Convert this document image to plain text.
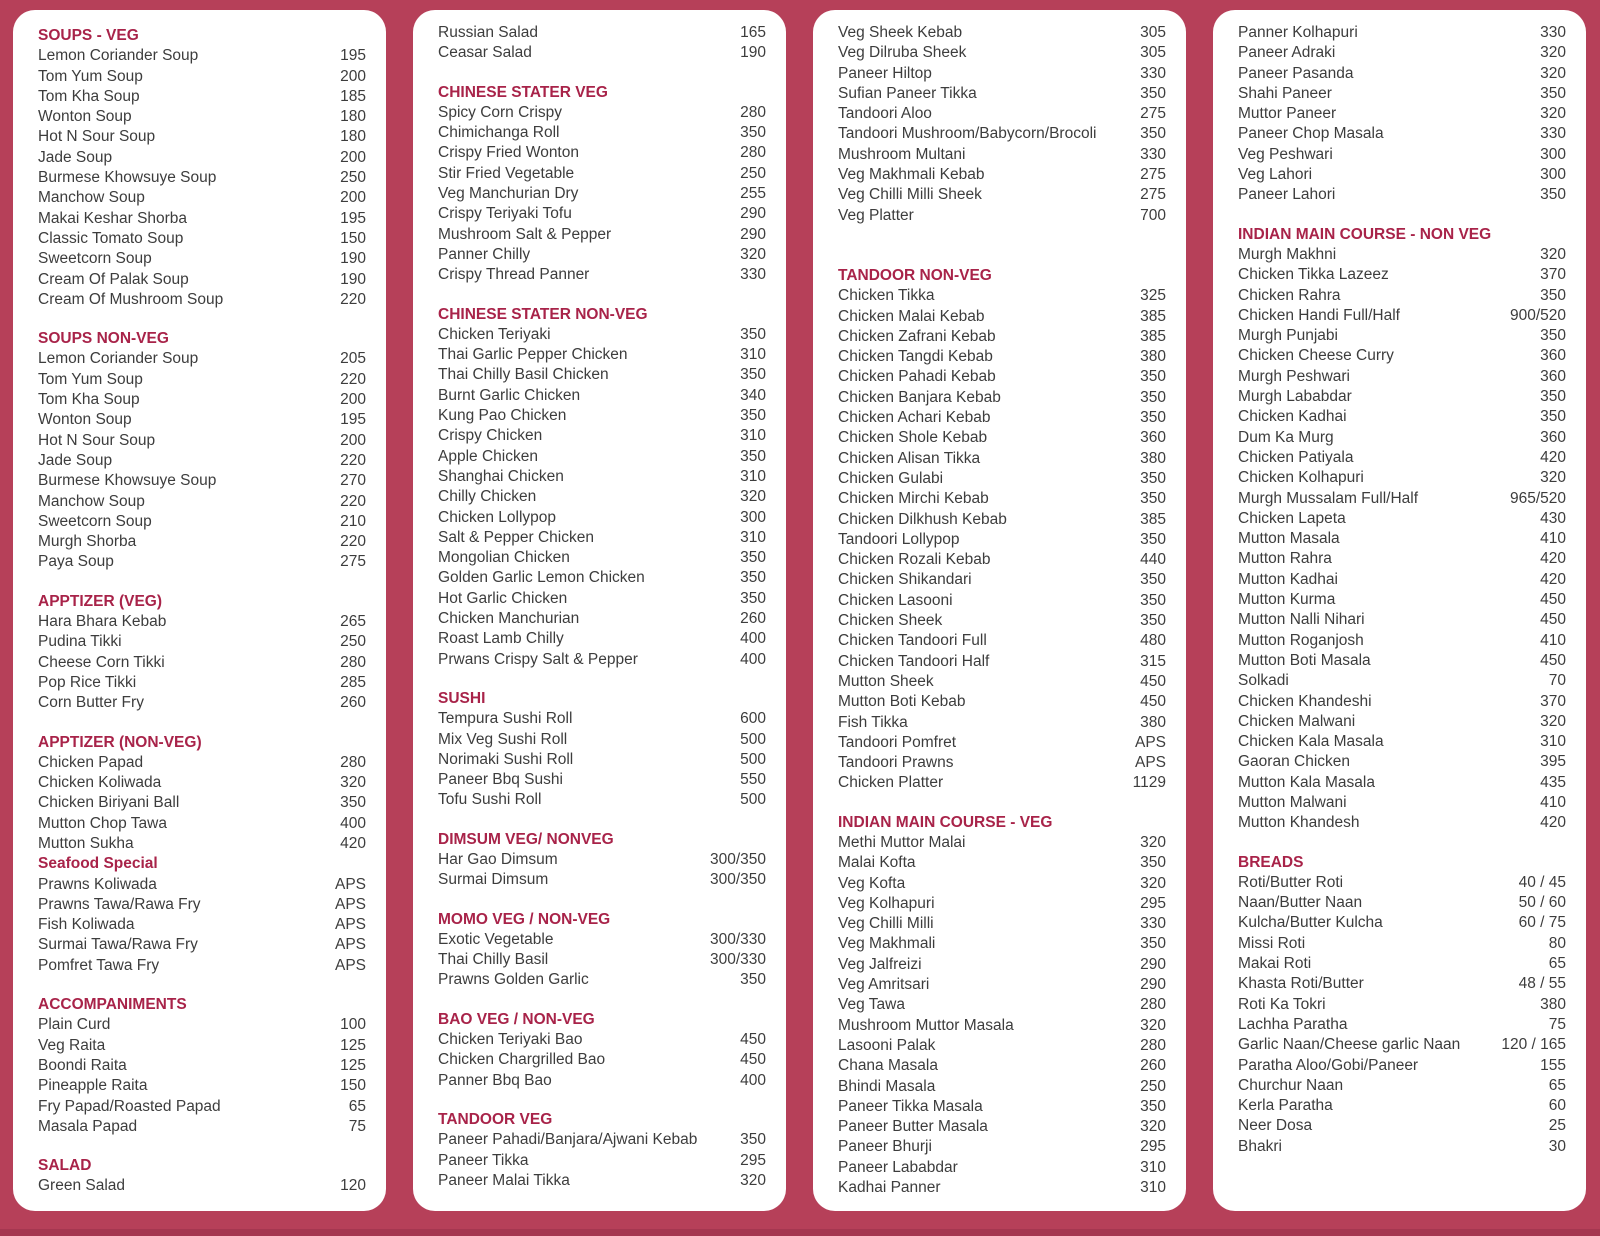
SOUPS - VEG
Lemon Coriander Soup	195
Tom Yum Soup	200
Tom Kha Soup	185
Wonton Soup	180
Hot N Sour Soup	180
Jade Soup	200
Burmese Khowsuye Soup	250
Manchow Soup	200
Makai Keshar Shorba	195
Classic Tomato Soup	150
Sweetcorn Soup	190
Cream Of Palak Soup	190
Cream Of Mushroom Soup	220
SOUPS NON-VEG
Lemon Coriander Soup	205
Tom Yum Soup	220
Tom Kha Soup	200
Wonton Soup	195
Hot N Sour Soup	200
Jade Soup	220
Burmese Khowsuye Soup	270
Manchow Soup	220
Sweetcorn Soup	210
Murgh Shorba	220
Paya Soup	275
APPTIZER (VEG)
Hara Bhara Kebab	265
Pudina Tikki	250
Cheese Corn Tikki	280
Pop Rice Tikki	285
Corn Butter Fry	260
APPTIZER (NON-VEG)
Chicken Papad	280
Chicken Koliwada	320
Chicken Biriyani Ball	350
Mutton Chop Tawa	400
Mutton Sukha	420
Seafood Special
Prawns Koliwada	APS
Prawns Tawa/Rawa Fry	APS
Fish Koliwada	APS
Surmai Tawa/Rawa Fry	APS
Pomfret Tawa Fry	APS
ACCOMPANIMENTS
Plain Curd	100
Veg Raita	125
Boondi Raita	125
Pineapple Raita	150
Fry Papad/Roasted Papad	65
Masala Papad	75
SALAD
Green Salad	120
Russian Salad	165
Ceasar Salad	190
CHINESE STATER VEG
Spicy Corn Crispy	280
Chimichanga Roll	350
Crispy Fried Wonton	280
Stir Fried Vegetable	250
Veg Manchurian Dry	255
Crispy Teriyaki Tofu	290
Mushroom Salt & Pepper	290
Panner Chilly	320
Crispy Thread Panner	330
CHINESE STATER NON-VEG
Chicken Teriyaki	350
Thai Garlic Pepper Chicken	310
Thai Chilly Basil Chicken	350
Burnt Garlic Chicken	340
Kung Pao Chicken	350
Crispy Chicken	310
Apple Chicken	350
Shanghai Chicken	310
Chilly Chicken	320
Chicken Lollypop	300
Salt & Pepper Chicken	310
Mongolian Chicken	350
Golden Garlic Lemon Chicken	350
Hot Garlic Chicken	350
Chicken Manchurian	260
Roast Lamb Chilly	400
Prwans Crispy Salt & Pepper	400
SUSHI
Tempura Sushi Roll	600
Mix Veg Sushi Roll	500
Norimaki Sushi Roll	500
Paneer Bbq Sushi	550
Tofu Sushi Roll	500
DIMSUM VEG/ NONVEG
Har Gao Dimsum	300/350
Surmai Dimsum	300/350
MOMO VEG / NON-VEG
Exotic Vegetable	300/330
Thai Chilly Basil	300/330
Prawns Golden Garlic	350
BAO VEG / NON-VEG
Chicken Teriyaki Bao	450
Chicken Chargrilled Bao	450
Panner Bbq Bao	400
TANDOOR VEG
Paneer Pahadi/Banjara/Ajwani Kebab	350
Paneer Tikka	295
Paneer Malai Tikka	320
Veg Sheek Kebab	305
Veg Dilruba Sheek	305
Paneer Hiltop	330
Sufian Paneer Tikka	350
Tandoori Aloo	275
Tandoori Mushroom/Babycorn/Brocoli	350
Mushroom Multani	330
Veg Makhmali Kebab	275
Veg Chilli Milli Sheek	275
Veg Platter	700
TANDOOR NON-VEG
Chicken Tikka	325
Chicken Malai Kebab	385
Chicken Zafrani Kebab	385
Chicken Tangdi Kebab	380
Chicken Pahadi Kebab	350
Chicken Banjara Kebab	350
Chicken Achari Kebab	350
Chicken Shole Kebab	360
Chicken Alisan Tikka	380
Chicken Gulabi	350
Chicken Mirchi Kebab	350
Chicken Dilkhush Kebab	385
Tandoori Lollypop	350
Chicken Rozali Kebab	440
Chicken Shikandari	350
Chicken Lasooni	350
Chicken Sheek	350
Chicken Tandoori Full	480
Chicken Tandoori Half	315
Mutton Sheek	450
Mutton Boti Kebab	450
Fish Tikka	380
Tandoori Pomfret	APS
Tandoori Prawns	APS
Chicken Platter	1129
INDIAN MAIN COURSE - VEG
Methi Muttor Malai	320
Malai Kofta	350
Veg Kofta	320
Veg Kolhapuri	295
Veg Chilli Milli	330
Veg Makhmali	350
Veg Jalfreizi	290
Veg Amritsari	290
Veg Tawa	280
Mushroom Muttor Masala	320
Lasooni Palak	280
Chana Masala	260
Bhindi Masala	250
Paneer Tikka Masala	350
Paneer Butter Masala	320
Paneer Bhurji	295
Paneer Lababdar	310
Kadhai Panner	310
Panner Kolhapuri	330
Paneer Adraki	320
Paneer Pasanda	320
Shahi Paneer	350
Muttor Paneer	320
Paneer Chop Masala	330
Veg Peshwari	300
Veg Lahori	300
Paneer Lahori	350
INDIAN MAIN COURSE - NON VEG
Murgh Makhni	320
Chicken Tikka Lazeez	370
Chicken Rahra	350
Chicken Handi Full/Half	900/520
Murgh Punjabi	350
Chicken Cheese Curry	360
Murgh Peshwari	360
Murgh Lababdar	350
Chicken Kadhai	350
Dum Ka Murg	360
Chicken Patiyala	420
Chicken Kolhapuri	320
Murgh Mussalam Full/Half	965/520
Chicken Lapeta	430
Mutton Masala	410
Mutton Rahra	420
Mutton Kadhai	420
Mutton Kurma	450
Mutton Nalli Nihari	450
Mutton Roganjosh	410
Mutton Boti Masala	450
Solkadi	70
Chicken Khandeshi	370
Chicken Malwani	320
Chicken Kala Masala	310
Gaoran Chicken	395
Mutton Kala Masala	435
Mutton Malwani	410
Mutton Khandesh	420
BREADS
Roti/Butter Roti	40 / 45
Naan/Butter Naan	50 / 60
Kulcha/Butter Kulcha	60 / 75
Missi Roti	80
Makai Roti	65
Khasta Roti/Butter	48 / 55
Roti Ka Tokri	380
Lachha Paratha	75
Garlic Naan/Cheese garlic Naan	120 / 165
Paratha Aloo/Gobi/Paneer	155
Churchur Naan	65
Kerla Paratha	60
Neer Dosa	25
Bhakri	30
